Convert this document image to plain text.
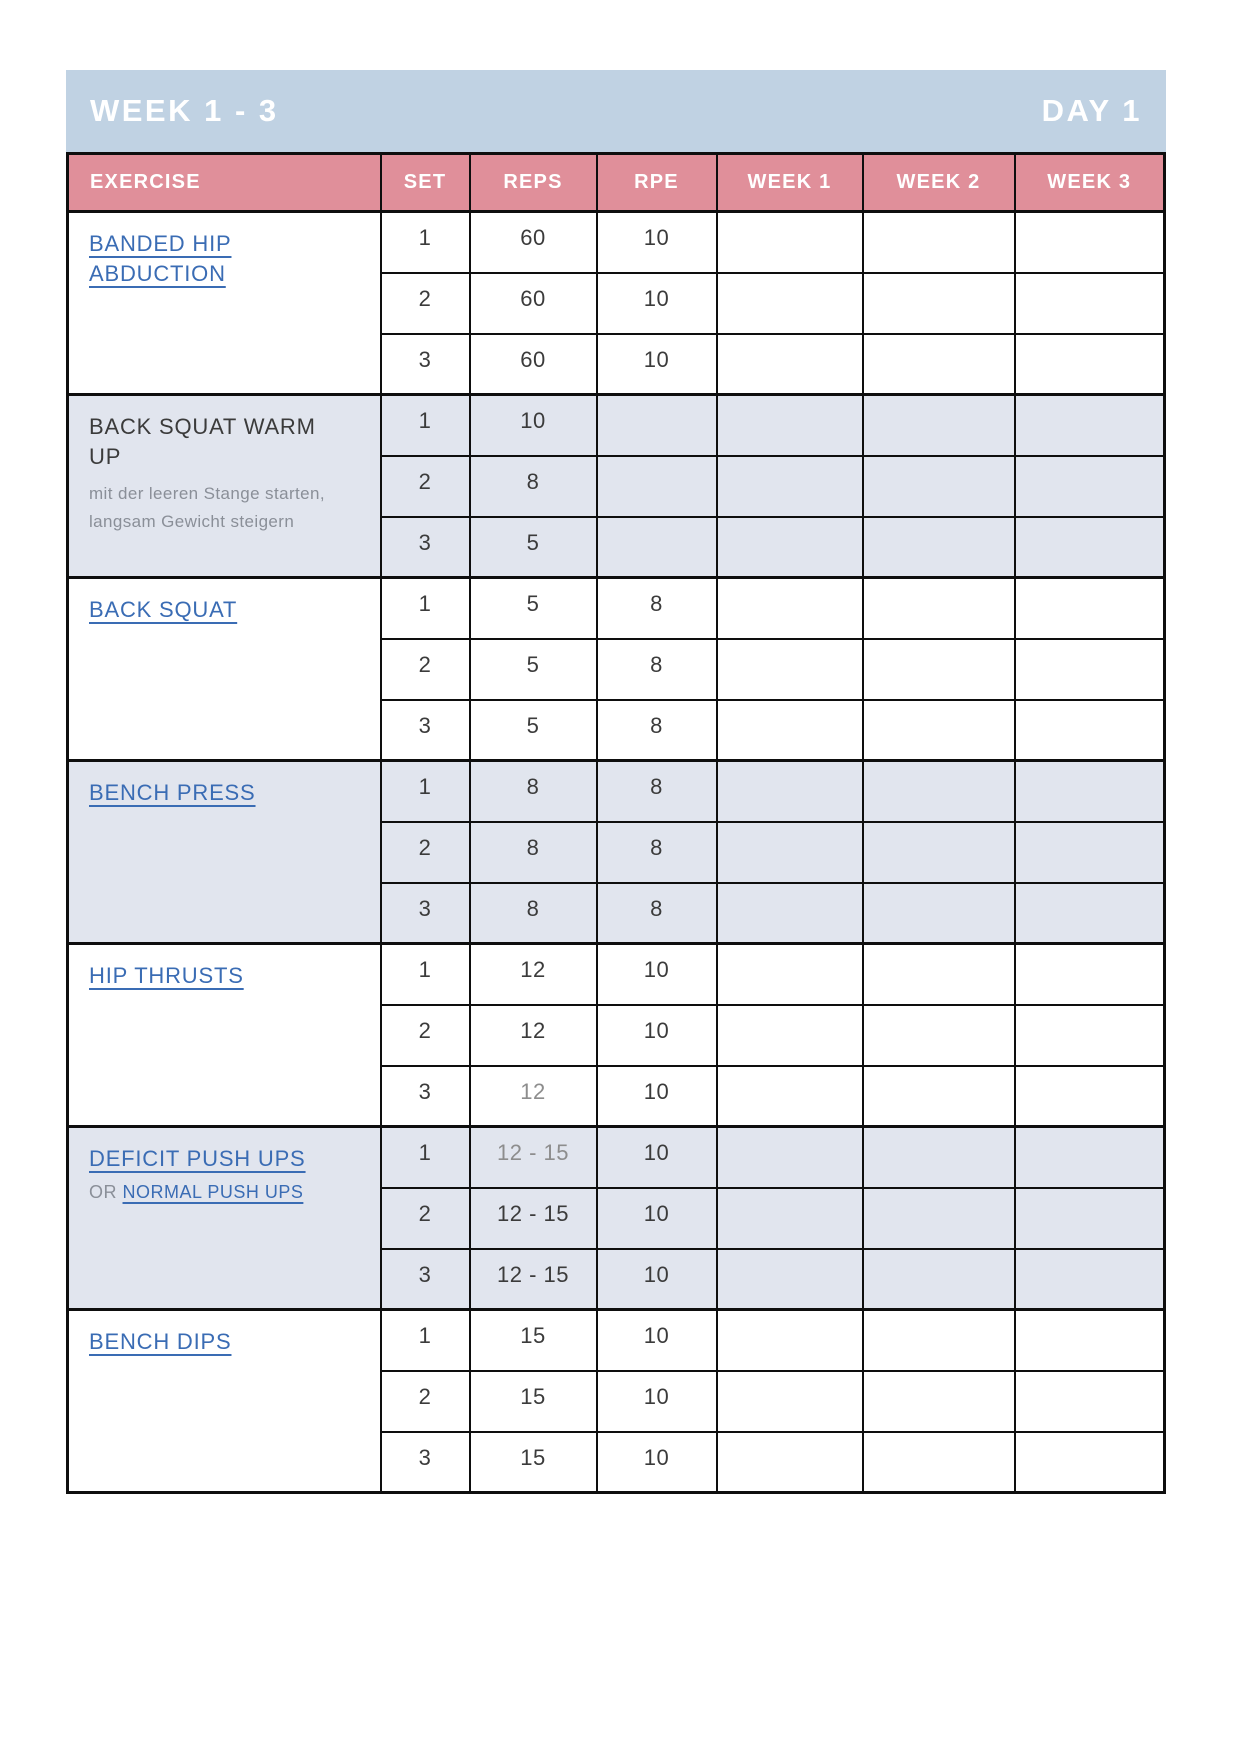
WEEK 1 - 3	DAY 1
EXERCISE	SET	REPS	RPE	WEEK 1	WEEK 2	WEEK 3
BANDED HIP ABDUCTION	1	60	10			
	2	60	10			
	3	60	10			
BACK SQUAT WARM UP
mit der leeren Stange starten, langsam Gewicht steigern	1	10				
	2	8				
	3	5				
BACK SQUAT	1	5	8			
	2	5	8			
	3	5	8			
BENCH PRESS	1	8	8			
	2	8	8			
	3	8	8			
HIP THRUSTS	1	12	10			
	2	12	10			
	3	12	10			
DEFICIT PUSH UPS
OR NORMAL PUSH UPS	1	12 - 15	10			
	2	12 - 15	10			
	3	12 - 15	10			
BENCH DIPS	1	15	10			
	2	15	10			
	3	15	10			
